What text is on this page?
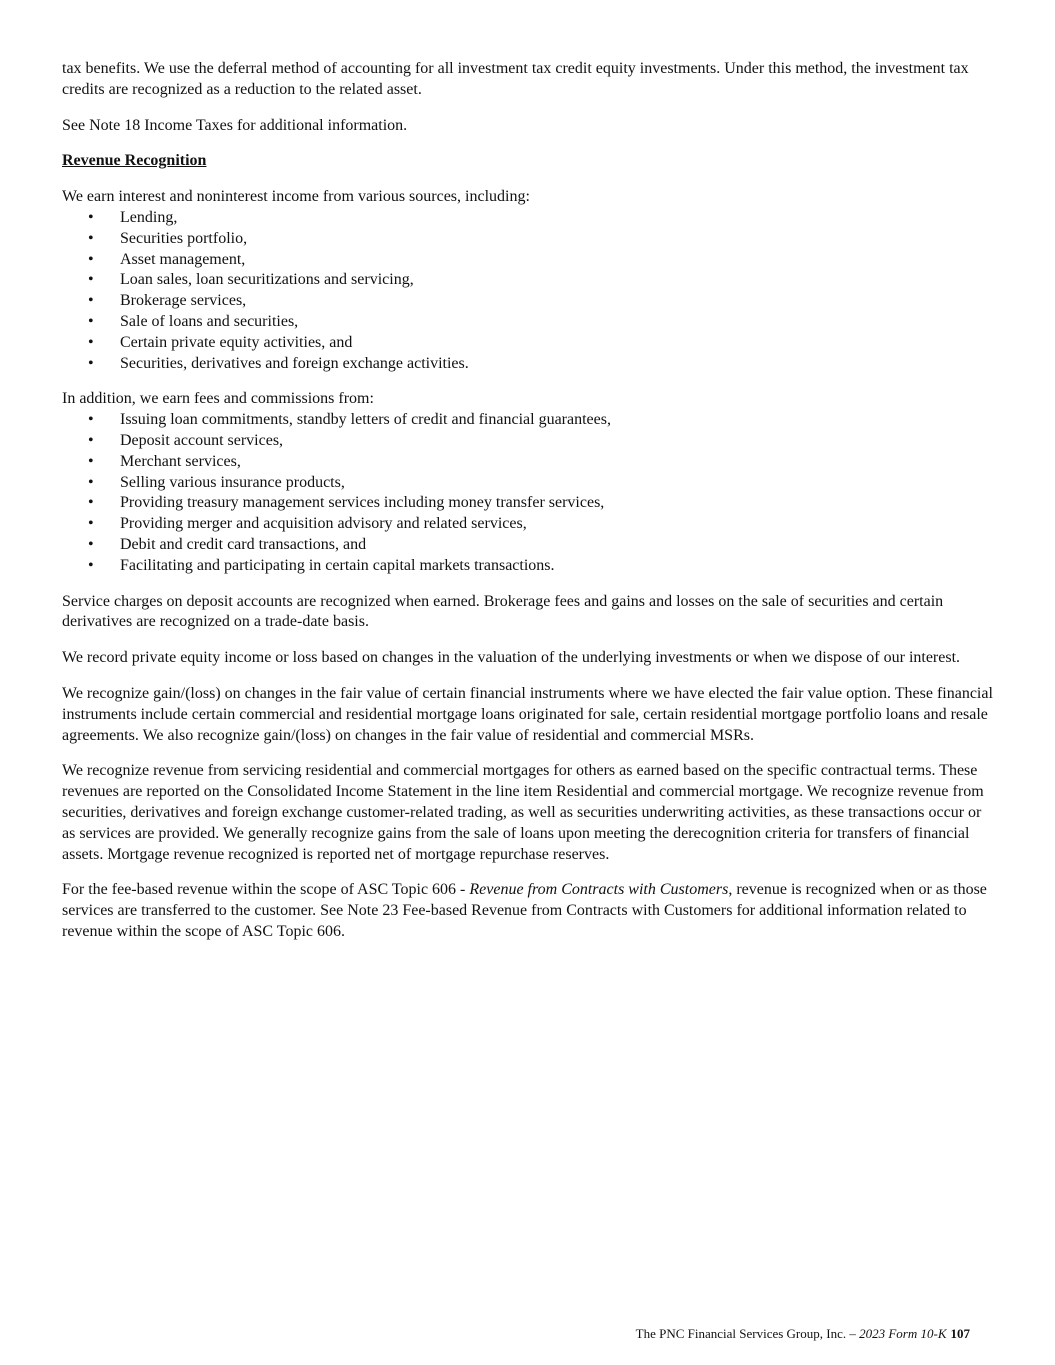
tax benefits. We use the deferral method of accounting for all investment tax credit equity investments. Under this method, the investment tax credits are recognized as a reduction to the related asset.

See Note 18 Income Taxes for additional information.

Revenue Recognition

We earn interest and noninterest income from various sources, including:

• Lending,
• Securities portfolio,
• Asset management,
• Loan sales, loan securitizations and servicing,
• Brokerage services,
• Sale of loans and securities,
• Certain private equity activities, and
• Securities, derivatives and foreign exchange activities.

In addition, we earn fees and commissions from:

• Issuing loan commitments, standby letters of credit and financial guarantees,
• Deposit account services,
• Merchant services,
• Selling various insurance products,
• Providing treasury management services including money transfer services,
• Providing merger and acquisition advisory and related services,
• Debit and credit card transactions, and
• Facilitating and participating in certain capital markets transactions.

Service charges on deposit accounts are recognized when earned. Brokerage fees and gains and losses on the sale of securities and certain derivatives are recognized on a trade-date basis.

We record private equity income or loss based on changes in the valuation of the underlying investments or when we dispose of our interest.

We recognize gain/(loss) on changes in the fair value of certain financial instruments where we have elected the fair value option. These financial instruments include certain commercial and residential mortgage loans originated for sale, certain residential mortgage portfolio loans and resale agreements. We also recognize gain/(loss) on changes in the fair value of residential and commercial MSRs.

We recognize revenue from servicing residential and commercial mortgages for others as earned based on the specific contractual terms. These revenues are reported on the Consolidated Income Statement in the line item Residential and commercial mortgage. We recognize revenue from securities, derivatives and foreign exchange customer-related trading, as well as securities underwriting activities, as these transactions occur or as services are provided. We generally recognize gains from the sale of loans upon meeting the derecognition criteria for transfers of financial assets. Mortgage revenue recognized is reported net of mortgage repurchase reserves.

For the fee-based revenue within the scope of ASC Topic 606 - Revenue from Contracts with Customers, revenue is recognized when or as those services are transferred to the customer. See Note 23 Fee-based Revenue from Contracts with Customers for additional information related to revenue within the scope of ASC Topic 606.

The PNC Financial Services Group, Inc. – 2023 Form 10-K 107
